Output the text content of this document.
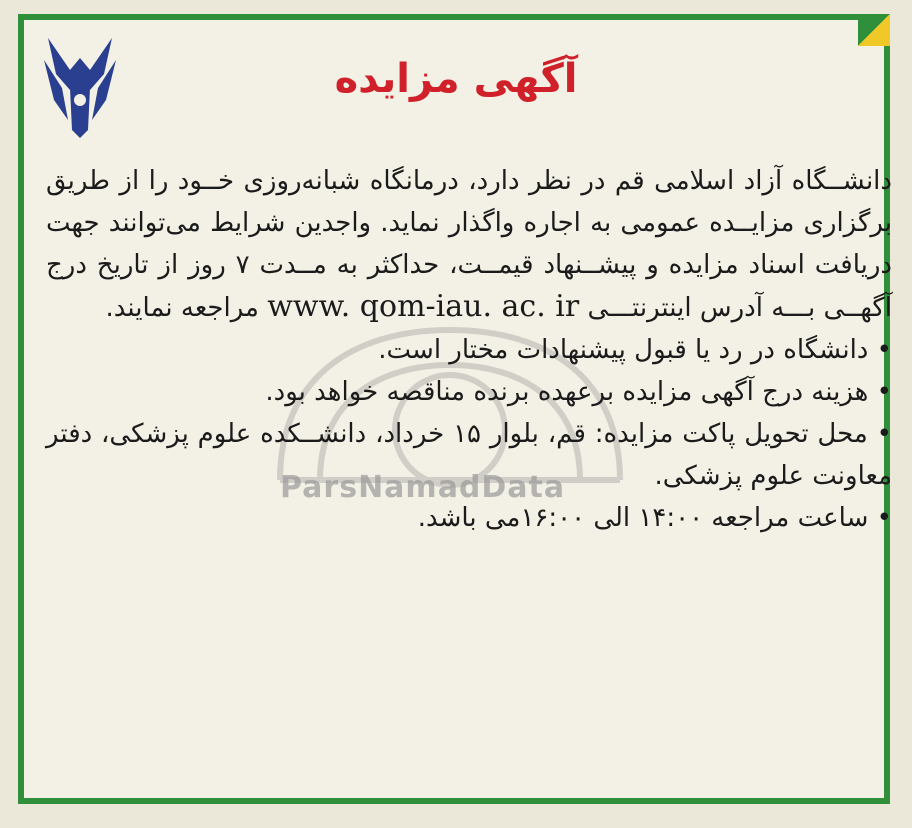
آگهی مزایده
ParsNamadData

دانشــگاه آزاد اسلامی قم در نظر دارد، درمانگاه شبانه‌روزی خــود را از طریق برگزاری مزایــده عمومی به اجاره واگذار نماید. واجدین شرایط می‌توانند جهت دریافت اسناد مزایده و پیشــنهاد قیمــت، حداکثر به مــدت ۷ روز از تاریخ درج آگهــی بـــه آدرس اینترنتـــی www. qom-iau. ac. ir مراجعه نمایند.

• دانشگاه در رد یا قبول پیشنهادات مختار است.

• هزینه درج آگهی مزایده برعهده برنده مناقصه خواهد بود.

• محل تحویل پاکت مزایده: قم، بلوار ۱۵ خرداد، دانشــکده علوم پزشکی، دفتر معاونت علوم پزشکی.

• ساعت مراجعه ۱۴:۰۰ الی ۱۶:۰۰می باشد.
